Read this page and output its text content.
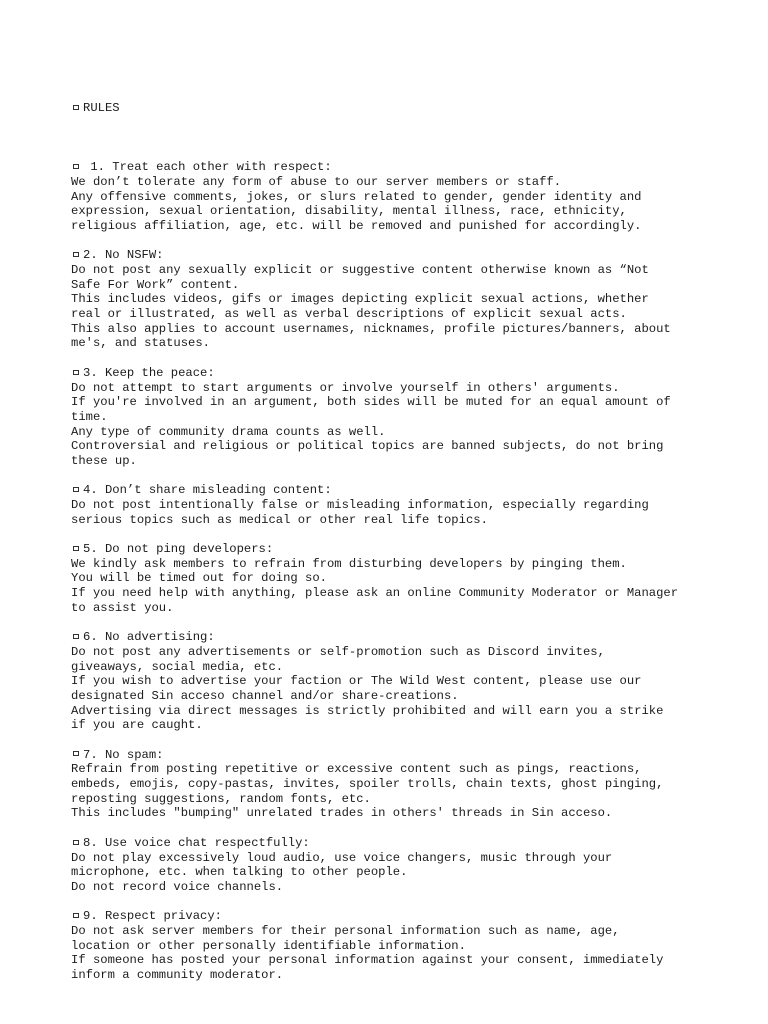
RULES

1. Treat each other with respect:
We don’t tolerate any form of abuse to our server members or staff.
Any offensive comments, jokes, or slurs related to gender, gender identity and
expression, sexual orientation, disability, mental illness, race, ethnicity,
religious affiliation, age, etc. will be removed and punished for accordingly.
2. No NSFW:
Do not post any sexually explicit or suggestive content otherwise known as “Not
Safe For Work” content.
This includes videos, gifs or images depicting explicit sexual actions, whether
real or illustrated, as well as verbal descriptions of explicit sexual acts.
This also applies to account usernames, nicknames, profile pictures/banners, about
me's, and statuses.
3. Keep the peace:
Do not attempt to start arguments or involve yourself in others' arguments.
If you're involved in an argument, both sides will be muted for an equal amount of
time.
Any type of community drama counts as well.
Controversial and religious or political topics are banned subjects, do not bring
these up.
4. Don’t share misleading content:
Do not post intentionally false or misleading information, especially regarding
serious topics such as medical or other real life topics.
5. Do not ping developers:
We kindly ask members to refrain from disturbing developers by pinging them.
You will be timed out for doing so.
If you need help with anything, please ask an online Community Moderator or Manager
to assist you.
6. No advertising:
Do not post any advertisements or self-promotion such as Discord invites,
giveaways, social media, etc.
If you wish to advertise your faction or The Wild West content, please use our
designated Sin acceso channel and/or share-creations.
Advertising via direct messages is strictly prohibited and will earn you a strike
if you are caught.
7. No spam:
Refrain from posting repetitive or excessive content such as pings, reactions,
embeds, emojis, copy-pastas, invites, spoiler trolls, chain texts, ghost pinging,
reposting suggestions, random fonts, etc.
This includes "bumping" unrelated trades in others' threads in Sin acceso.
8. Use voice chat respectfully:
Do not play excessively loud audio, use voice changers, music through your
microphone, etc. when talking to other people.
Do not record voice channels.
9. Respect privacy:
Do not ask server members for their personal information such as name, age,
location or other personally identifiable information.
If someone has posted your personal information against your consent, immediately
inform a community moderator.
